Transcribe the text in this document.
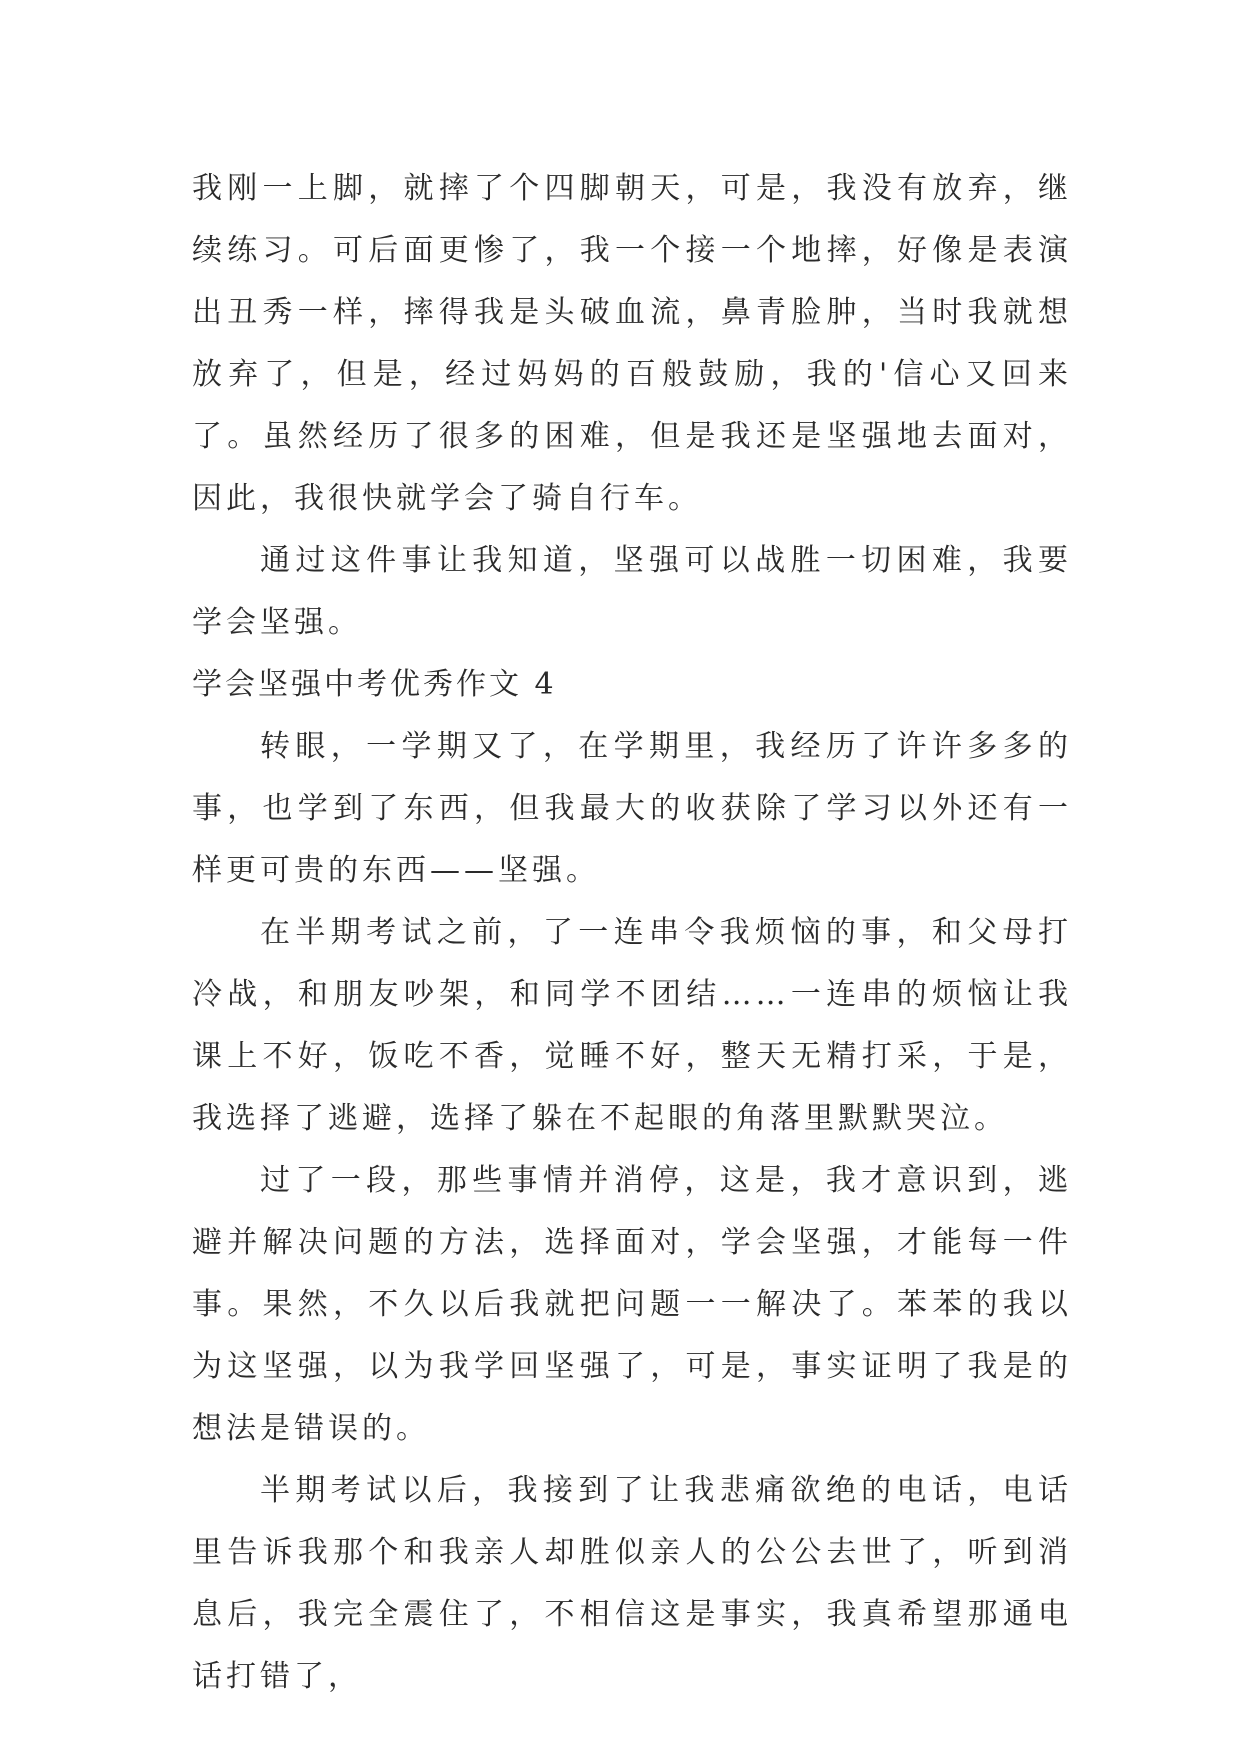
我刚一上脚，就摔了个四脚朝天，可是，我没有放弃，继续练习。可后面更惨了，我一个接一个地摔，好像是表演出丑秀一样，摔得我是头破血流，鼻青脸肿，当时我就想放弃了，但是，经过妈妈的百般鼓励，我的'信心又回来了。虽然经历了很多的困难，但是我还是坚强地去面对，因此，我很快就学会了骑自行车。

通过这件事让我知道，坚强可以战胜一切困难，我要学会坚强。

学会坚强中考优秀作文 4

转眼，一学期又了，在学期里，我经历了许许多多的事，也学到了东西，但我最大的收获除了学习以外还有一样更可贵的东西——坚强。

在半期考试之前，了一连串令我烦恼的事，和父母打冷战，和朋友吵架，和同学不团结……一连串的烦恼让我课上不好，饭吃不香，觉睡不好，整天无精打采，于是，我选择了逃避，选择了躲在不起眼的角落里默默哭泣。

过了一段，那些事情并消停，这是，我才意识到，逃避并解决问题的方法，选择面对，学会坚强，才能每一件事。果然，不久以后我就把问题一一解决了。苯苯的我以为这坚强，以为我学回坚强了，可是，事实证明了我是的想法是错误的。

半期考试以后，我接到了让我悲痛欲绝的电话，电话里告诉我那个和我亲人却胜似亲人的公公去世了，听到消息后，我完全震住了，不相信这是事实，我真希望那通电话打错了，
